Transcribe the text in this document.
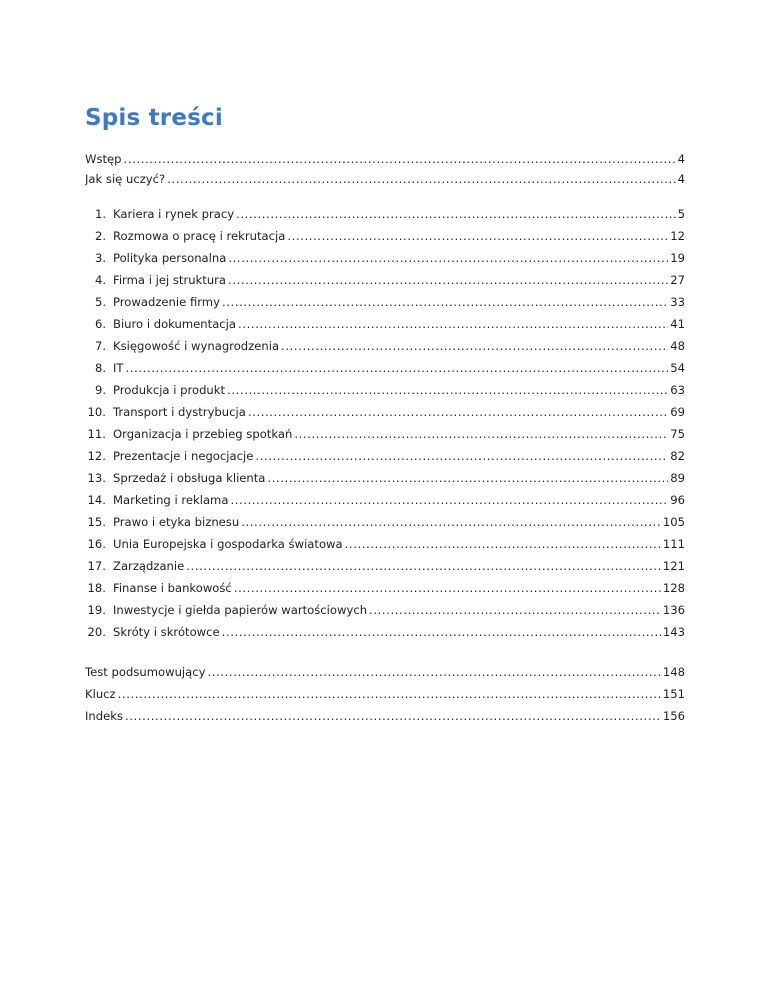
Spis treści
Wstęp .....	4
Jak się uczyć? .....	4
1. Kariera i rynek pracy .....	5
2. Rozmowa o pracę i rekrutacja .....	12
3. Polityka personalna .....	19
4. Firma i jej struktura .....	27
5. Prowadzenie firmy .....	33
6. Biuro i dokumentacja .....	41
7. Księgowość i wynagrodzenia .....	48
8. IT .....	54
9. Produkcja i produkt .....	63
10. Transport i dystrybucja .....	69
11. Organizacja i przebieg spotkań .....	75
12. Prezentacje i negocjacje .....	82
13. Sprzedaż i obsługa klienta .....	89
14. Marketing i reklama .....	96
15. Prawo i etyka biznesu .....	105
16. Unia Europejska i gospodarka światowa .....	111
17. Zarządzanie .....	121
18. Finanse i bankowość .....	128
19. Inwestycje i giełda papierów wartościowych .....	136
20. Skróty i skrótowce .....	143
Test podsumowujący .....	148
Klucz .....	151
Indeks .....	156
